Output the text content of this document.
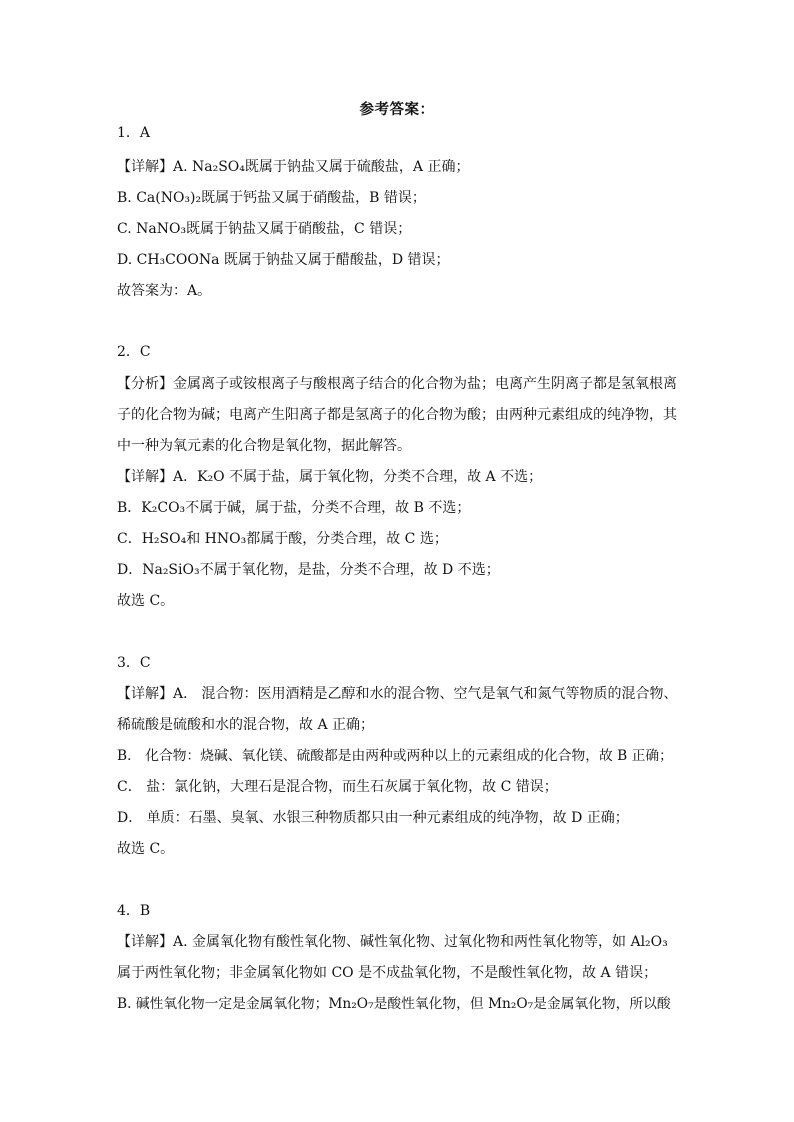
参考答案：
1．A
【详解】A. Na₂SO₄既属于钠盐又属于硫酸盐，A 正确；
B. Ca(NO₃)₂既属于钙盐又属于硝酸盐，B 错误；
C. NaNO₃既属于钠盐又属于硝酸盐，C 错误；
D. CH₃COONa 既属于钠盐又属于醋酸盐，D 错误；
故答案为：A。
2．C
【分析】金属离子或铵根离子与酸根离子结合的化合物为盐；电离产生阴离子都是氢氧根离
子的化合物为碱；电离产生阳离子都是氢离子的化合物为酸；由两种元素组成的纯净物，其
中一种为氧元素的化合物是氧化物，据此解答。
【详解】A．K₂O 不属于盐，属于氧化物，分类不合理，故 A 不选；
B．K₂CO₃不属于碱，属于盐，分类不合理，故 B 不选；
C．H₂SO₄和 HNO₃都属于酸，分类合理，故 C 选；
D．Na₂SiO₃不属于氧化物，是盐，分类不合理，故 D 不选；
故选 C。
3．C
【详解】A． 混合物：医用酒精是乙醇和水的混合物、空气是氧气和氮气等物质的混合物、
稀硫酸是硫酸和水的混合物，故 A 正确；
B． 化合物：烧碱、氧化镁、硫酸都是由两种或两种以上的元素组成的化合物，故 B 正确；
C． 盐：氯化钠，大理石是混合物，而生石灰属于氧化物，故 C 错误；
D． 单质：石墨、臭氧、水银三种物质都只由一种元素组成的纯净物，故 D 正确；
故选 C。
4．B
【详解】A. 金属氧化物有酸性氧化物、碱性氧化物、过氧化物和两性氧化物等，如 Al₂O₃
属于两性氧化物；非金属氧化物如 CO 是不成盐氧化物，不是酸性氧化物，故 A 错误；
B. 碱性氧化物一定是金属氧化物；Mn₂O₇是酸性氧化物，但 Mn₂O₇是金属氧化物，所以酸
